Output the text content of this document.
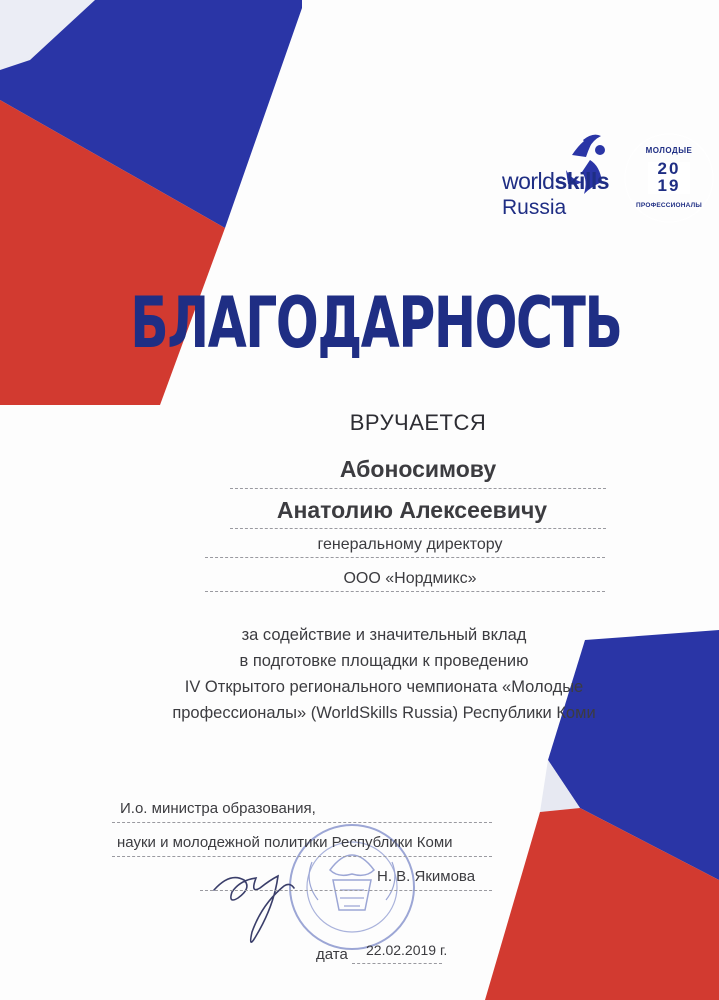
worldskills
Russia
МОЛОДЫЕ
20
19
ПРОФЕССИОНАЛЫ
БЛАГОДАРНОСТЬ
ВРУЧАЕТСЯ
Абоносимову
Анатолию Алексеевичу
генеральному директору
ООО «Нордмикс»
за содействие и значительный вклад
в подготовке площадки к проведению
IV Открытого регионального чемпионата «Молодые
профессионалы» (WorldSkills Russia) Республики Коми
И.о. министра образования,
науки и молодежной политики Республики Коми
Н. В. Якимова
дата 22.02.2019 г.
